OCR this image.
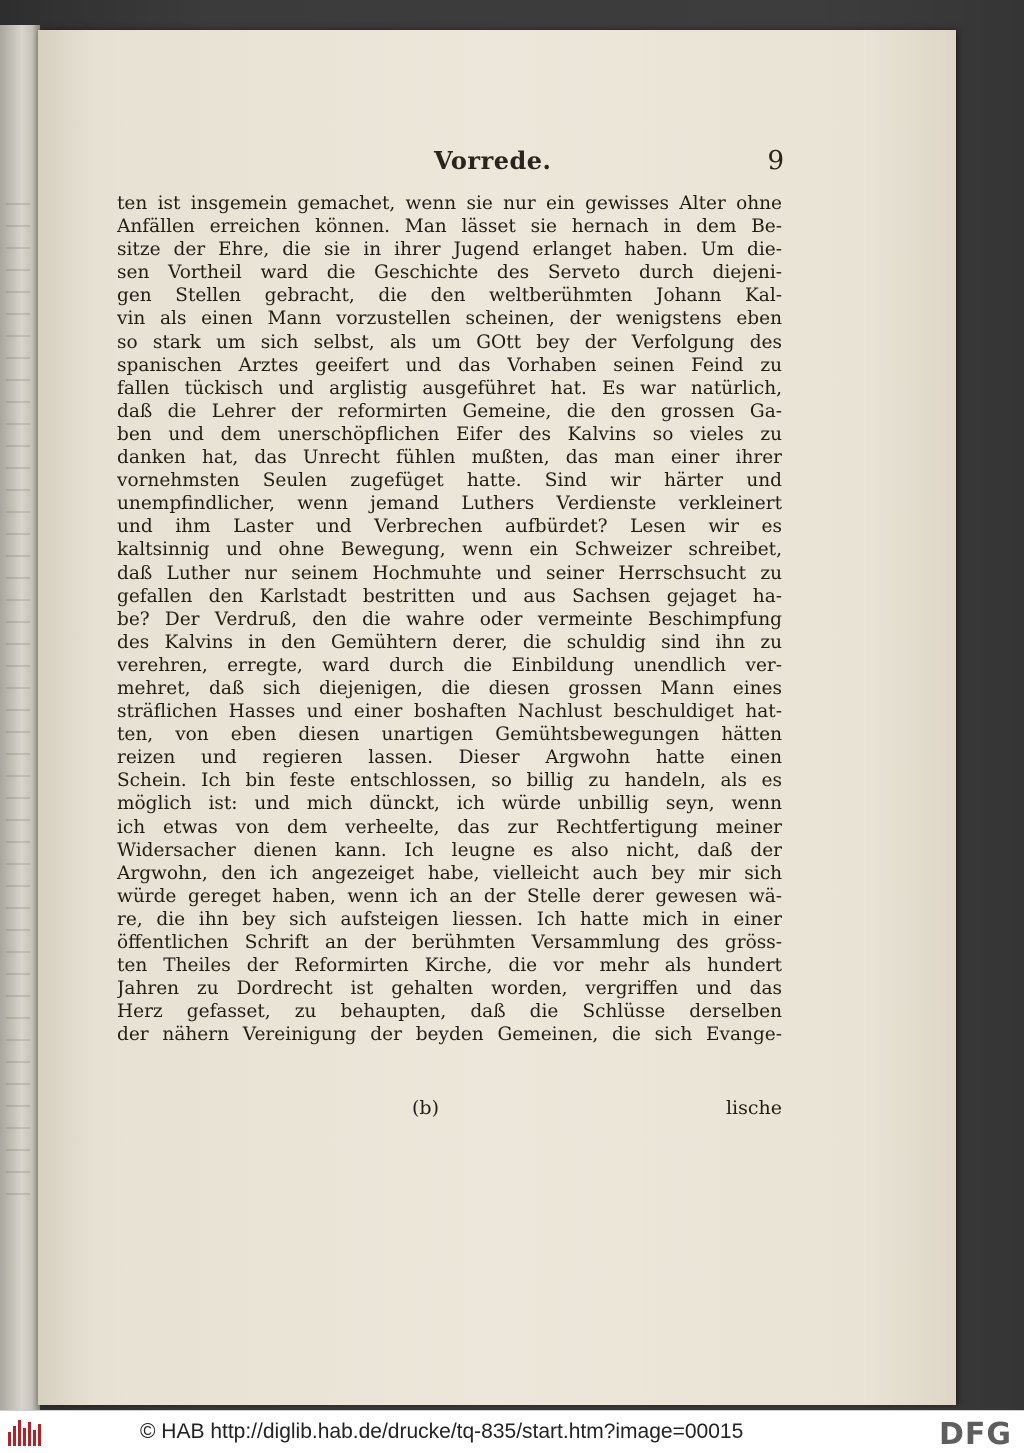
Vorrede.	9
ten ist insgemein gemachet, wenn sie nur ein gewisses Alter ohne
Anfällen erreichen können. Man lässet sie hernach in dem Be-
sitze der Ehre, die sie in ihrer Jugend erlanget haben. Um die-
sen Vortheil ward die Geschichte des Serveto durch diejeni-
gen Stellen gebracht, die den weltberühmten Johann Kal-
vin als einen Mann vorzustellen scheinen, der wenigstens eben
so stark um sich selbst, als um GOtt bey der Verfolgung des
spanischen Arztes geeifert und das Vorhaben seinen Feind zu
fallen tückisch und arglistig ausgeführet hat. Es war natürlich,
daß die Lehrer der reformirten Gemeine, die den grossen Ga-
ben und dem unerschöpflichen Eifer des Kalvins so vieles zu
danken hat, das Unrecht fühlen mußten, das man einer ihrer
vornehmsten Seulen zugefüget hatte. Sind wir härter und
unempfindlicher, wenn jemand Luthers Verdienste verkleinert
und ihm Laster und Verbrechen aufbürdet? Lesen wir es
kaltsinnig und ohne Bewegung, wenn ein Schweizer schreibet,
daß Luther nur seinem Hochmuhte und seiner Herrschsucht zu
gefallen den Karlstadt bestritten und aus Sachsen gejaget ha-
be? Der Verdruß, den die wahre oder vermeinte Beschimpfung
des Kalvins in den Gemühtern derer, die schuldig sind ihn zu
verehren, erregte, ward durch die Einbildung unendlich ver-
mehret, daß sich diejenigen, die diesen grossen Mann eines
sträflichen Hasses und einer boshaften Nachlust beschuldiget hat-
ten, von eben diesen unartigen Gemühtsbewegungen hätten
reizen und regieren lassen. Dieser Argwohn hatte einen
Schein. Ich bin feste entschlossen, so billig zu handeln, als es
möglich ist: und mich dünckt, ich würde unbillig seyn, wenn
ich etwas von dem verheelte, das zur Rechtfertigung meiner
Widersacher dienen kann. Ich leugne es also nicht, daß der
Argwohn, den ich angezeiget habe, vielleicht auch bey mir sich
würde gereget haben, wenn ich an der Stelle derer gewesen wä-
re, die ihn bey sich aufsteigen liessen. Ich hatte mich in einer
öffentlichen Schrift an der berühmten Versammlung des gröss-
ten Theiles der Reformirten Kirche, die vor mehr als hundert
Jahren zu Dordrecht ist gehalten worden, vergriffen und das
Herz gefasset, zu behaupten, daß die Schlüsse derselben
der nähern Vereinigung der beyden Gemeinen, die sich Evange-
(b)	lische
© HAB http://diglib.hab.de/drucke/tq-835/start.htm?image=00015	DFG
